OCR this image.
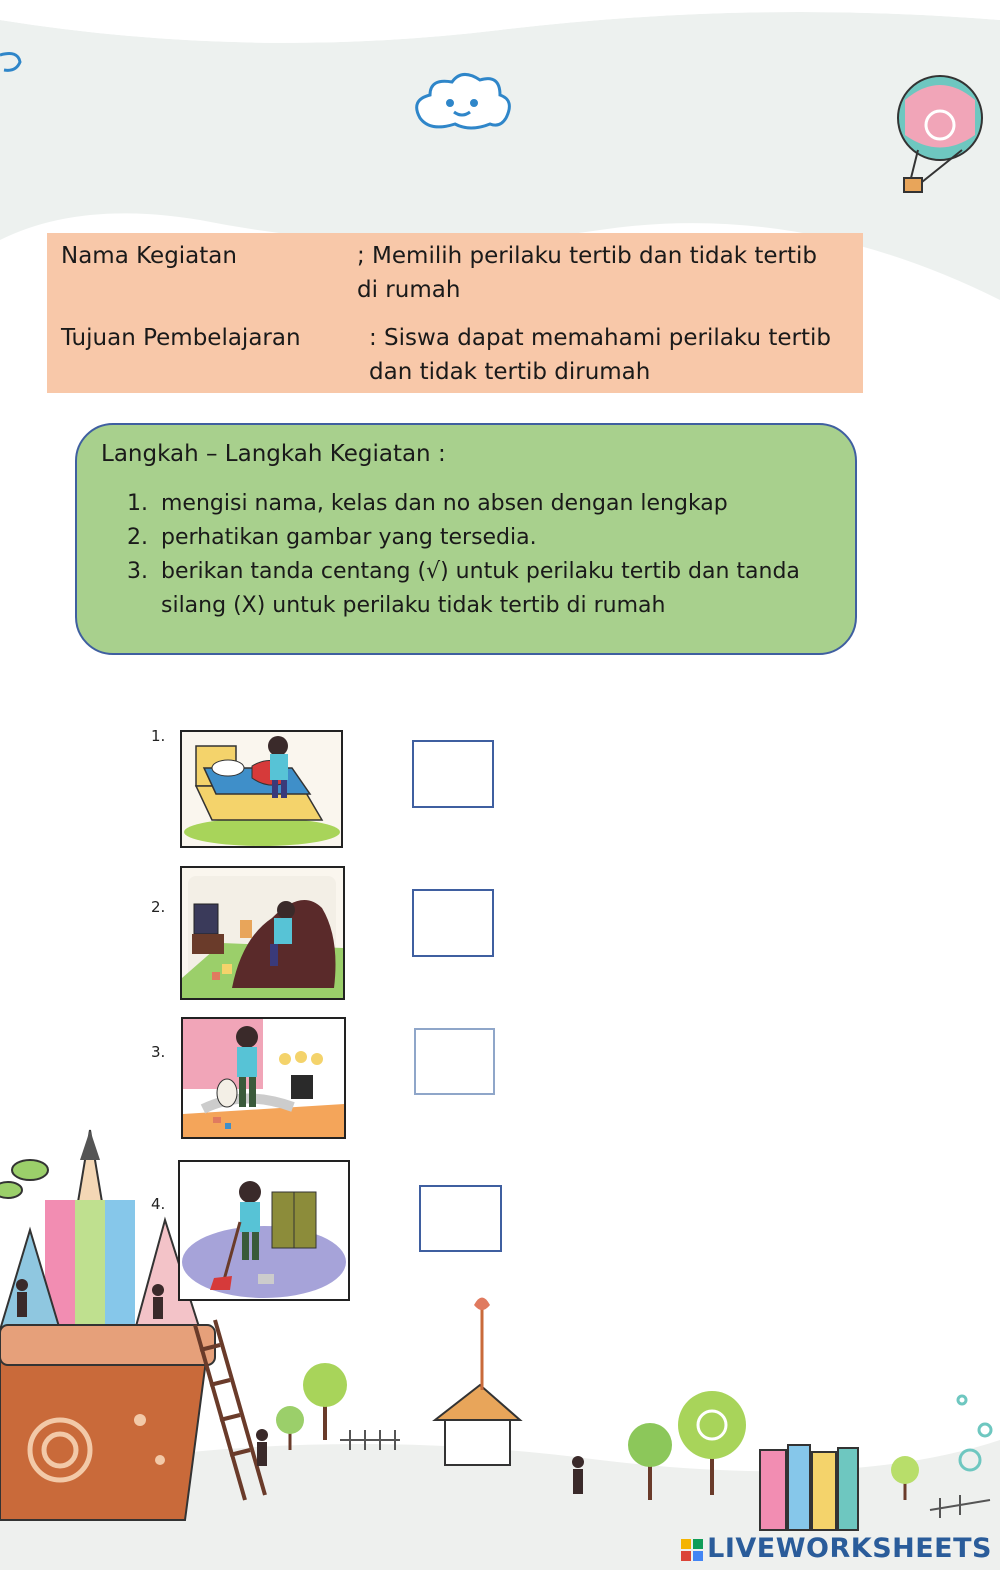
Nama Kegiatan	; Memilih perilaku tertib dan tidak tertib
di rumah
Tujuan Pembelajaran	: Siswa dapat memahami perilaku tertib
dan tidak tertib dirumah
Langkah – Langkah Kegiatan :
1. mengisi nama, kelas dan no absen dengan lengkap
2. perhatikan gambar yang tersedia.
3. berikan tanda centang (√) untuk perilaku tertib dan tanda
silang (X) untuk perilaku tidak tertib di rumah
1.
2.
3.
4.
LIVEWORKSHEETS
